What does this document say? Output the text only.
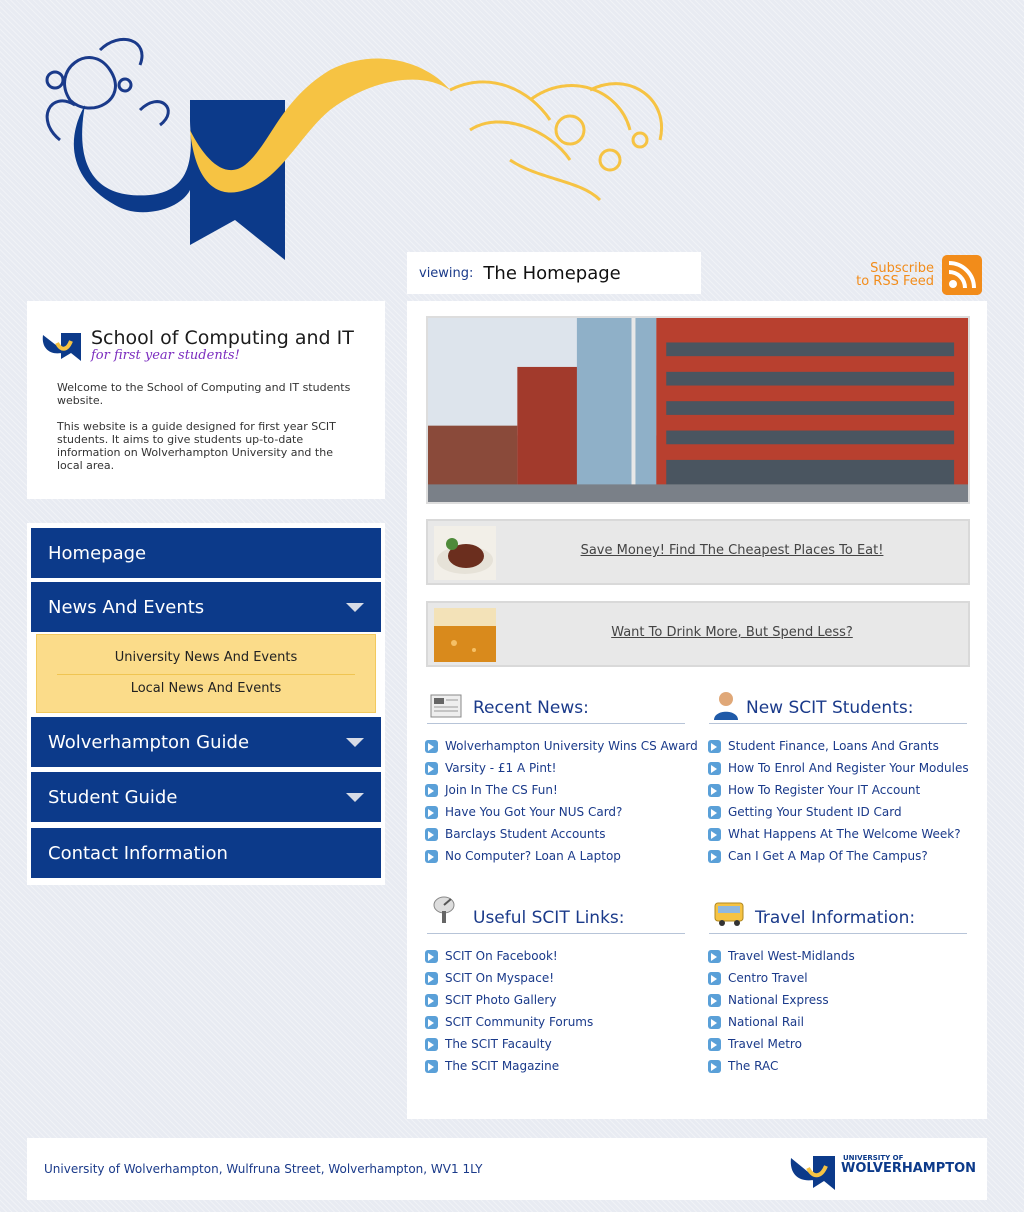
viewing: The Homepage	Subscribe
to RSS Feed
School of Computing and IT
for first year students!
Welcome to the School of Computing and IT students website.
This website is a guide designed for first year SCIT students. It aims to give students up-to-date information on Wolverhampton University and the local area.
Homepage
News And Events
University News And Events
Local News And Events
Wolverhampton Guide
Student Guide
Contact Information
Save Money! Find The Cheapest Places To Eat!
Want To Drink More, But Spend Less?
Recent News:
Wolverhampton University Wins CS Award
Varsity - £1 A Pint!
Join In The CS Fun!
Have You Got Your NUS Card?
Barclays Student Accounts
No Computer? Loan A Laptop
New SCIT Students:
Student Finance, Loans And Grants
How To Enrol And Register Your Modules
How To Register Your IT Account
Getting Your Student ID Card
What Happens At The Welcome Week?
Can I Get A Map Of The Campus?
Useful SCIT Links:
SCIT On Facebook!
SCIT On Myspace!
SCIT Photo Gallery
SCIT Community Forums
The SCIT Facaulty
The SCIT Magazine
Travel Information:
Travel West-Midlands
Centro Travel
National Express
National Rail
Travel Metro
The RAC
University of Wolverhampton, Wulfruna Street, Wolverhampton, WV1 1LY
UNIVERSITY OF
WOLVERHAMPTON
